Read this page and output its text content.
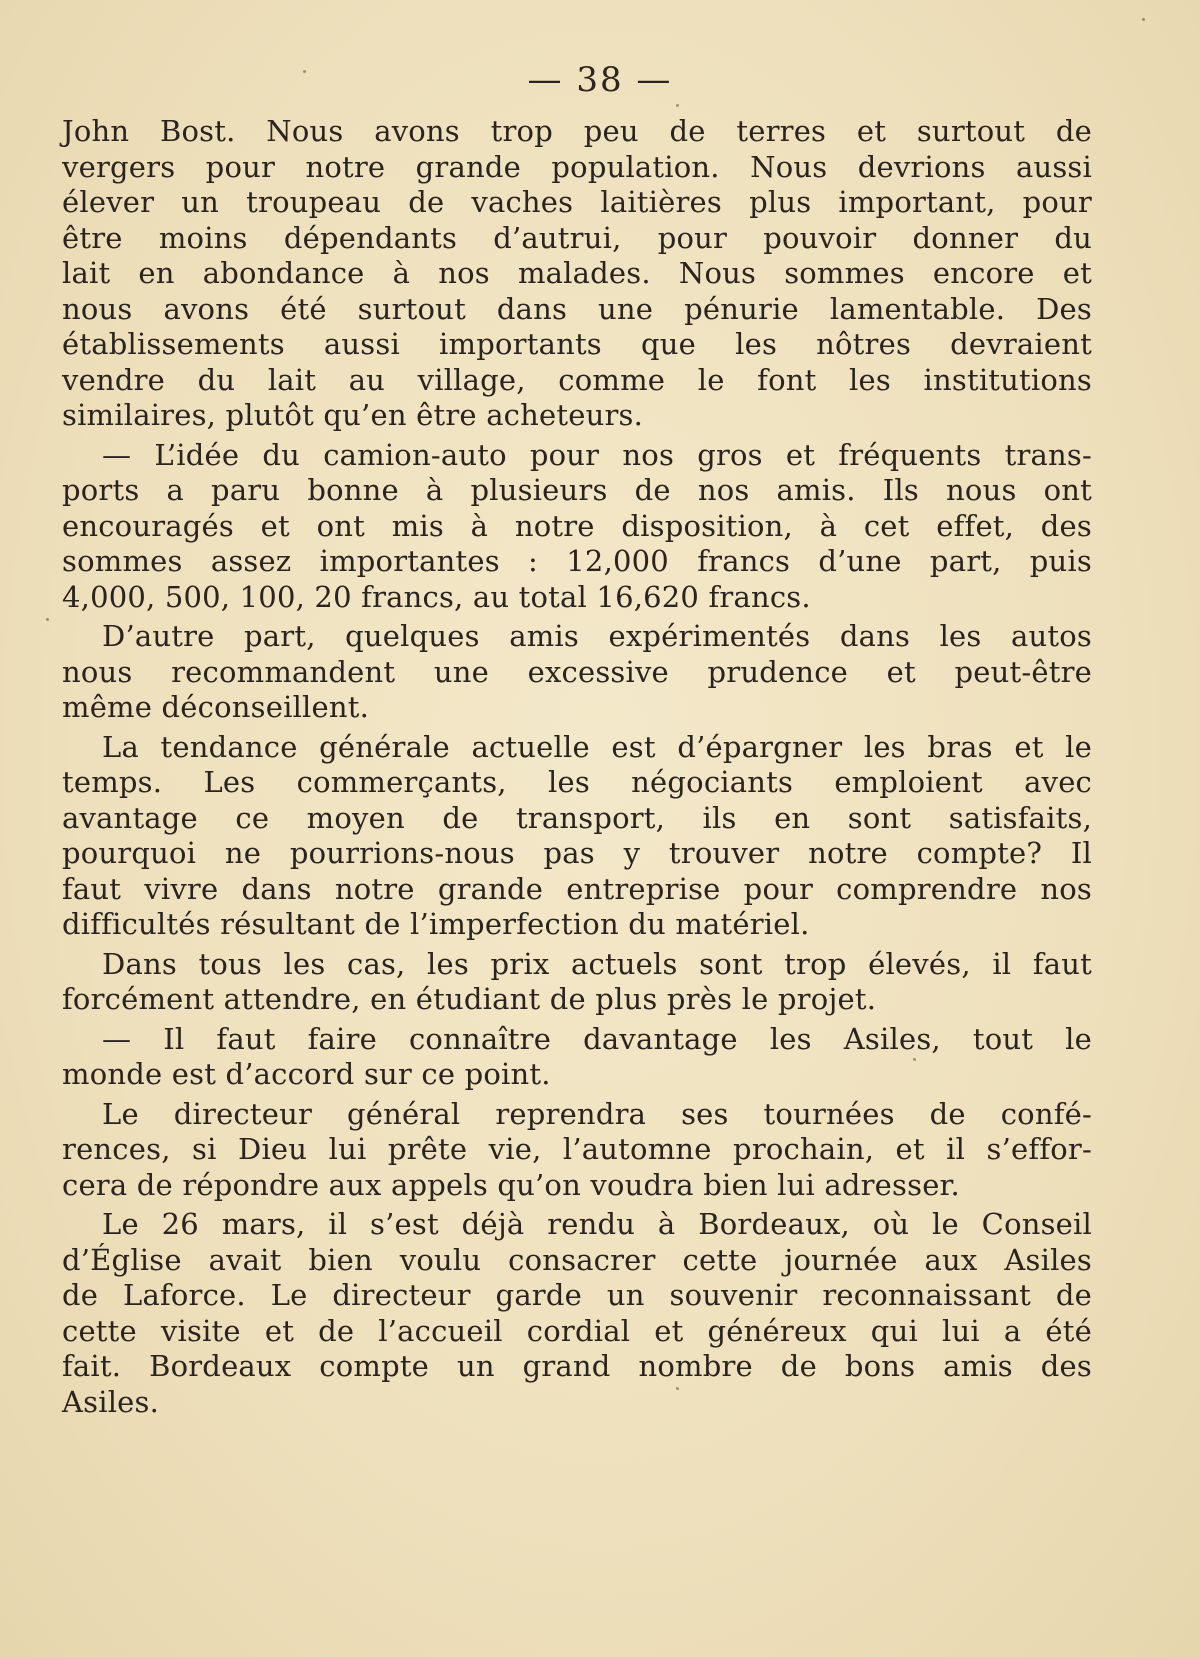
— 38 —
John Bost. Nous avons trop peu de terres et surtout de
vergers pour notre grande population. Nous devrions aussi
élever un troupeau de vaches laitières plus important, pour
être moins dépendants d’autrui, pour pouvoir donner du
lait en abondance à nos malades. Nous sommes encore et
nous avons été surtout dans une pénurie lamentable. Des
établissements aussi importants que les nôtres devraient
vendre du lait au village, comme le font les institutions
similaires, plutôt qu’en être acheteurs.
— L’idée du camion-auto pour nos gros et fréquents trans-
ports a paru bonne à plusieurs de nos amis. Ils nous ont
encouragés et ont mis à notre disposition, à cet effet, des
sommes assez importantes : 12,000 francs d’une part, puis
4,000, 500, 100, 20 francs, au total 16,620 francs.
D’autre part, quelques amis expérimentés dans les autos
nous recommandent une excessive prudence et peut-être
même déconseillent.
La tendance générale actuelle est d’épargner les bras et le
temps. Les commerçants, les négociants emploient avec
avantage ce moyen de transport, ils en sont satisfaits,
pourquoi ne pourrions-nous pas y trouver notre compte? Il
faut vivre dans notre grande entreprise pour comprendre nos
difficultés résultant de l’imperfection du matériel.
Dans tous les cas, les prix actuels sont trop élevés, il faut
forcément attendre, en étudiant de plus près le projet.
— Il faut faire connaître davantage les Asiles, tout le
monde est d’accord sur ce point.
Le directeur général reprendra ses tournées de confé-
rences, si Dieu lui prête vie, l’automne prochain, et il s’effor-
cera de répondre aux appels qu’on voudra bien lui adresser.
Le 26 mars, il s’est déjà rendu à Bordeaux, où le Conseil
d’Église avait bien voulu consacrer cette journée aux Asiles
de Laforce. Le directeur garde un souvenir reconnaissant de
cette visite et de l’accueil cordial et généreux qui lui a été
fait. Bordeaux compte un grand nombre de bons amis des
Asiles.
